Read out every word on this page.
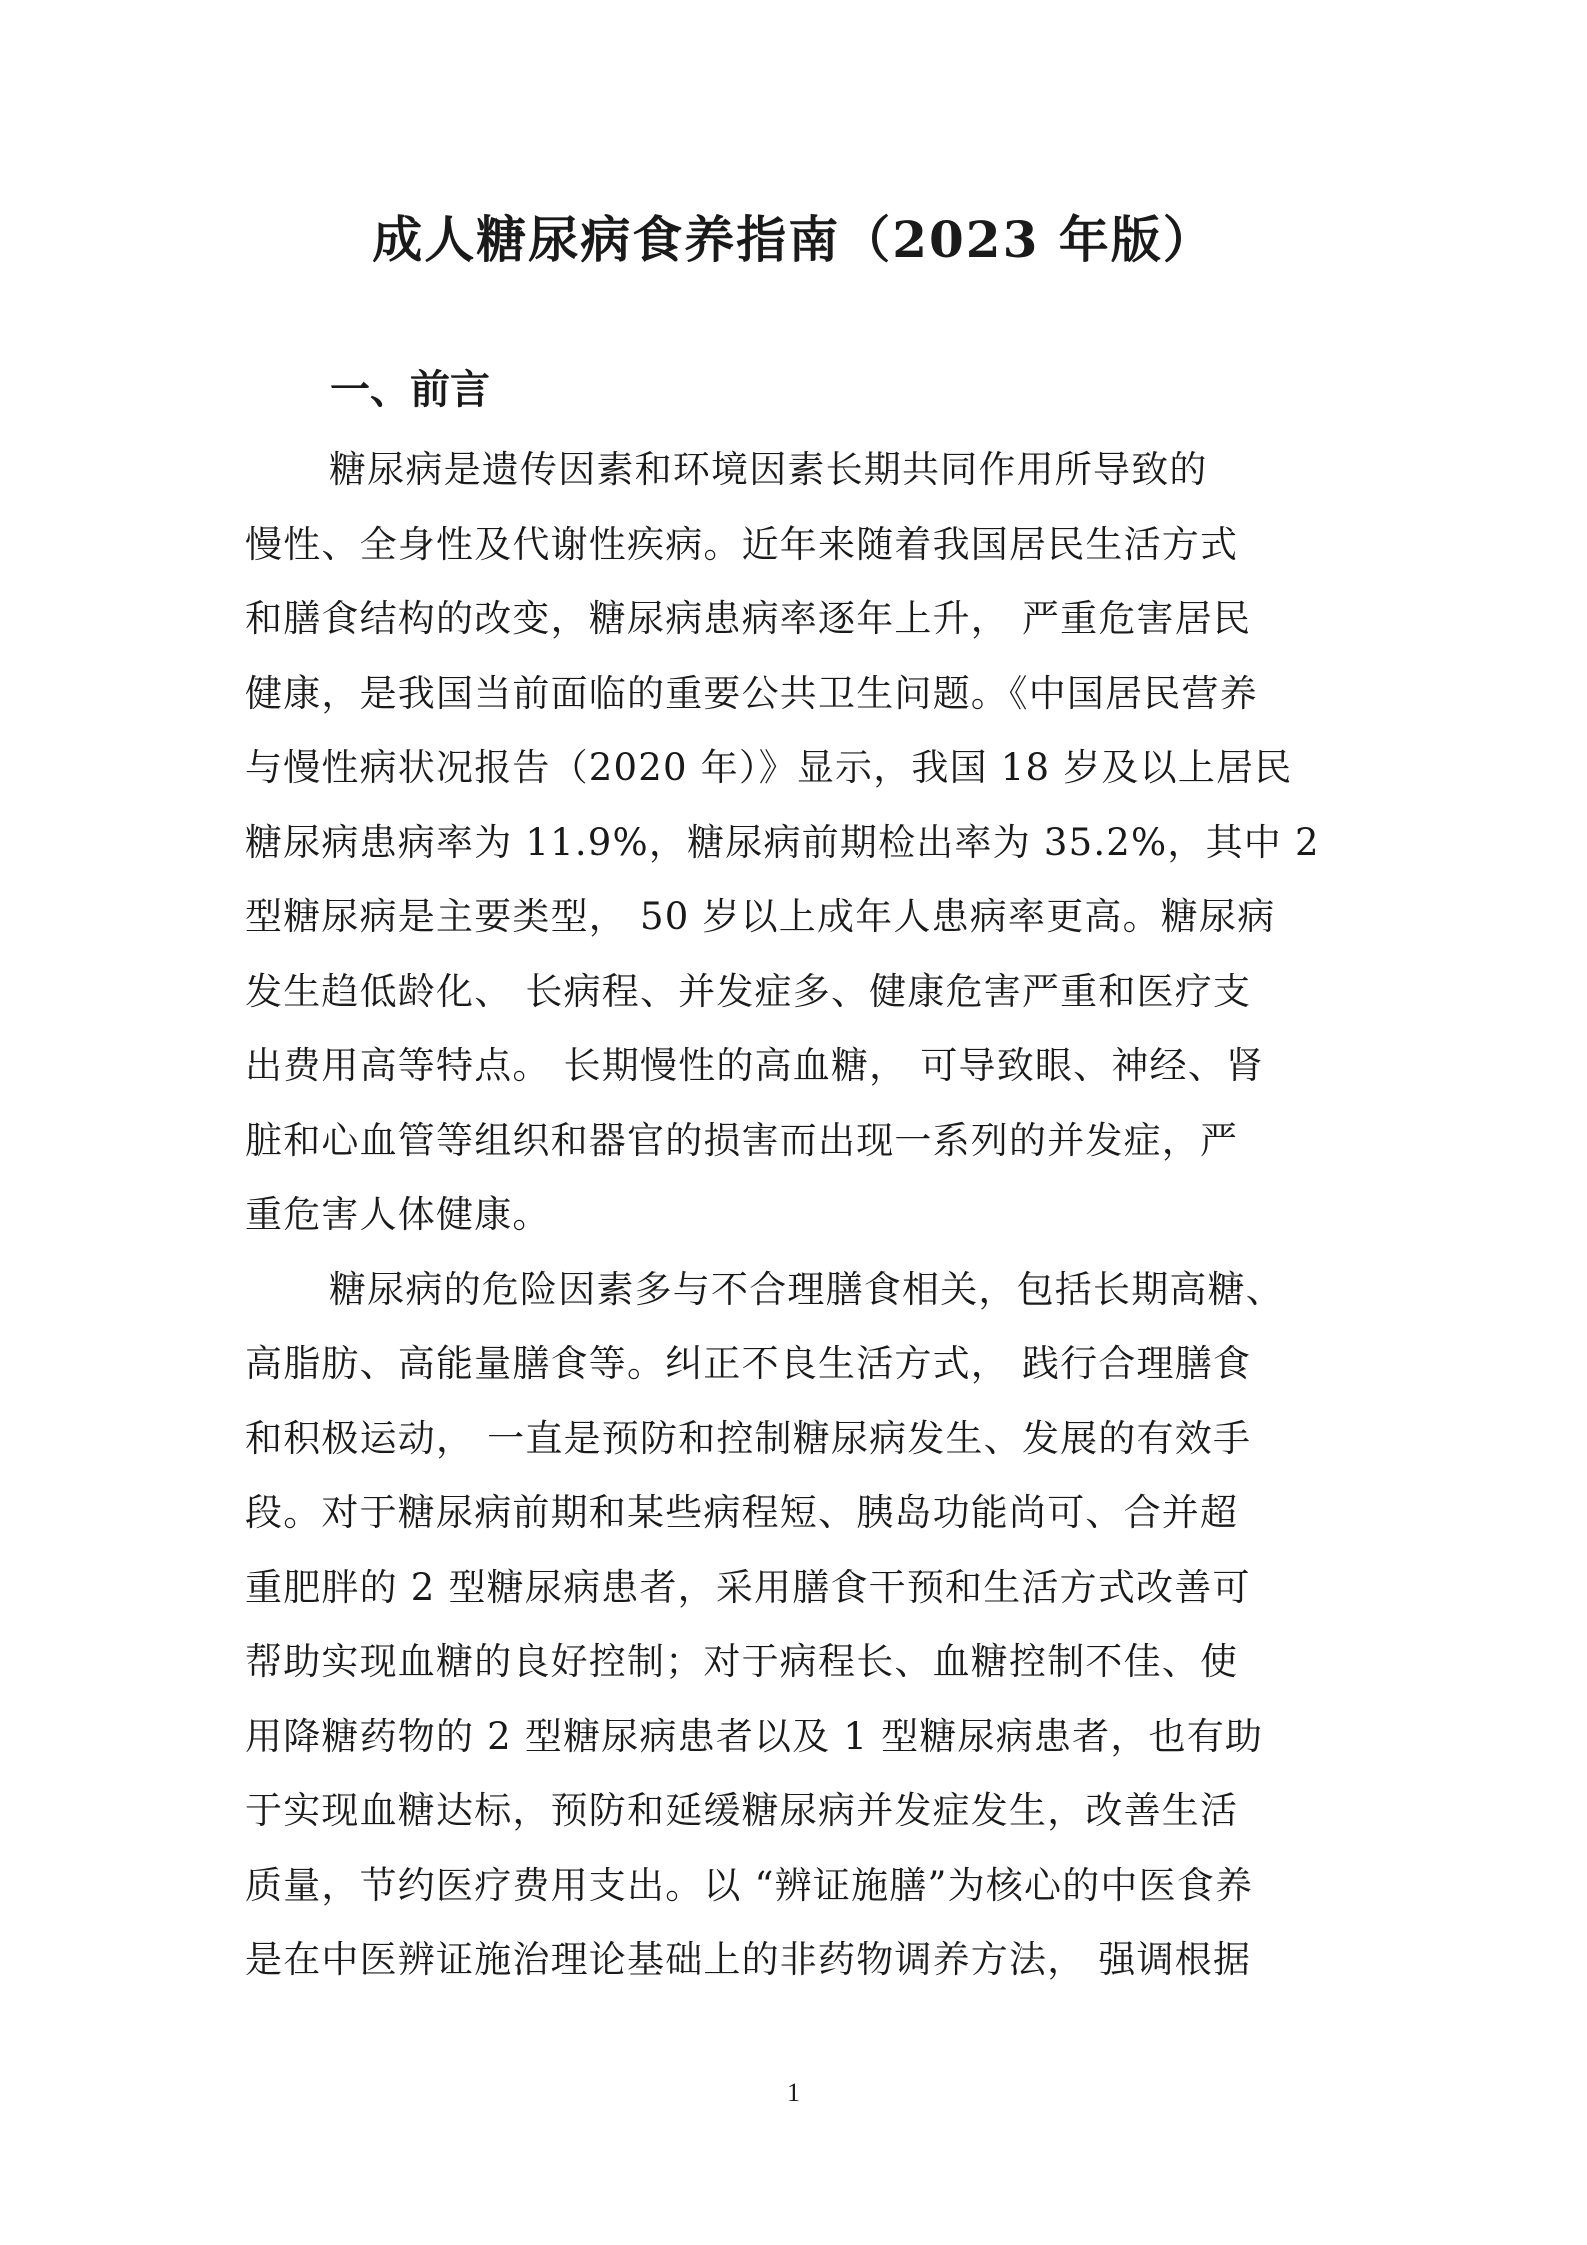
成人糖尿病食养指南（2023 年版）
一、前言
糖尿病是遗传因素和环境因素长期共同作用所导致的
慢性、全身性及代谢性疾病。近年来随着我国居民生活方式
和膳食结构的改变，糖尿病患病率逐年上升， 严重危害居民
健康，是我国当前面临的重要公共卫生问题。《中国居民营养
与慢性病状况报告（2020 年）》显示，我国 18 岁及以上居民
糖尿病患病率为 11.9%，糖尿病前期检出率为 35.2%，其中 2
型糖尿病是主要类型， 50 岁以上成年人患病率更高。糖尿病
发生趋低龄化、 长病程、并发症多、健康危害严重和医疗支
出费用高等特点。 长期慢性的高血糖， 可导致眼、神经、肾
脏和心血管等组织和器官的损害而出现一系列的并发症，严
重危害人体健康。
糖尿病的危险因素多与不合理膳食相关，包括长期高糖、
高脂肪、高能量膳食等。纠正不良生活方式， 践行合理膳食
和积极运动， 一直是预防和控制糖尿病发生、发展的有效手
段。对于糖尿病前期和某些病程短、胰岛功能尚可、合并超
重肥胖的 2 型糖尿病患者，采用膳食干预和生活方式改善可
帮助实现血糖的良好控制；对于病程长、血糖控制不佳、使
用降糖药物的 2 型糖尿病患者以及 1 型糖尿病患者，也有助
于实现血糖达标，预防和延缓糖尿病并发症发生，改善生活
质量，节约医疗费用支出。以 “辨证施膳”为核心的中医食养
是在中医辨证施治理论基础上的非药物调养方法， 强调根据
1
